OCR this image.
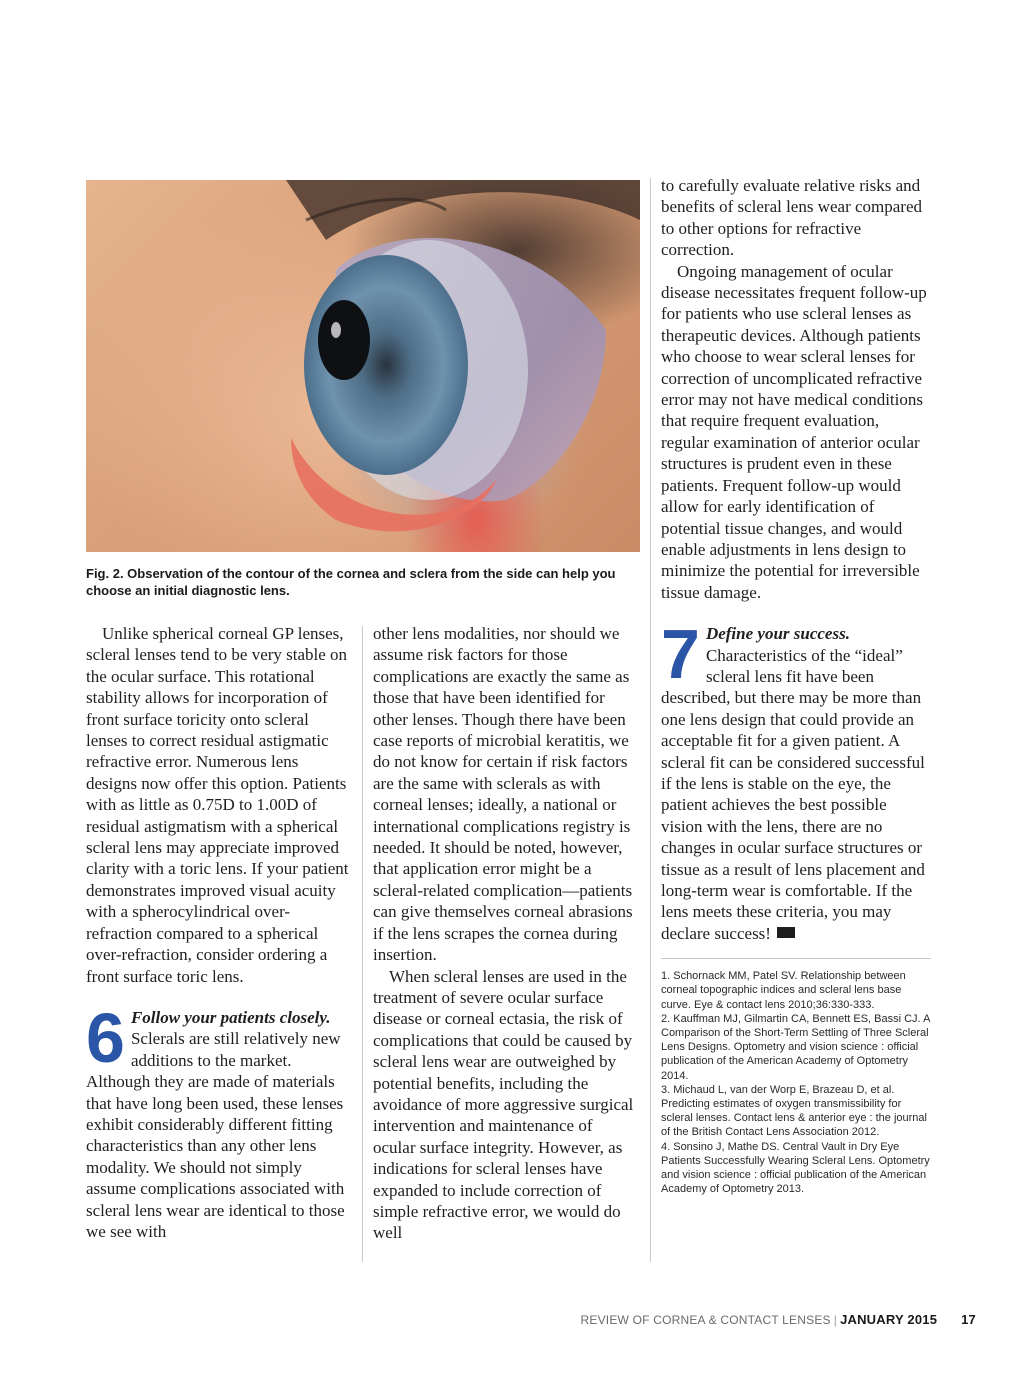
Fig. 2. Observation of the contour of the cornea and sclera from the side can help you choose an initial diagnostic lens.

Unlike spherical corneal GP lenses, scleral lenses tend to be very stable on the ocular surface. This rotational stability allows for incorporation of front surface toricity onto scleral lenses to correct residual astigmatic refractive error. Numerous lens designs now offer this option. Patients with as little as 0.75D to 1.00D of residual astigmatism with a spherical scleral lens may appreciate improved clarity with a toric lens. If your patient demonstrates improved visual acuity with a spherocylindrical over-refraction compared to a spherical over-refraction, consider ordering a front surface toric lens.

6 Follow your patients closely. Sclerals are still relatively new additions to the market. Although they are made of materials that have long been used, these lenses exhibit considerably different fitting characteristics than any other lens modality. We should not simply assume complications associated with scleral lens wear are identical to those we see with

other lens modalities, nor should we assume risk factors for those complications are exactly the same as those that have been identified for other lenses. Though there have been case reports of microbial keratitis, we do not know for certain if risk factors are the same with sclerals as with corneal lenses; ideally, a national or international complications registry is needed. It should be noted, however, that application error might be a scleral-related complication—patients can give themselves corneal abrasions if the lens scrapes the cornea during insertion.

When scleral lenses are used in the treatment of severe ocular surface disease or corneal ectasia, the risk of complications that could be caused by scleral lens wear are outweighed by potential benefits, including the avoidance of more aggressive surgical intervention and maintenance of ocular surface integrity. However, as indications for scleral lenses have expanded to include correction of simple refractive error, we would do well

to carefully evaluate relative risks and benefits of scleral lens wear compared to other options for refractive correction.

Ongoing management of ocular disease necessitates frequent follow-up for patients who use scleral lenses as therapeutic devices. Although patients who choose to wear scleral lenses for correction of uncomplicated refractive error may not have medical conditions that require frequent evaluation, regular examination of anterior ocular structures is prudent even in these patients. Frequent follow-up would allow for early identification of potential tissue changes, and would enable adjustments in lens design to minimize the potential for irreversible tissue damage.

7 Define your success. Characteristics of the “ideal” scleral lens fit have been described, but there may be more than one lens design that could provide an acceptable fit for a given patient. A scleral fit can be considered successful if the lens is stable on the eye, the patient achieves the best possible vision with the lens, there are no changes in ocular surface structures or tissue as a result of lens placement and long-term wear is comfortable. If the lens meets these criteria, you may declare success!

1. Schornack MM, Patel SV. Relationship between corneal topographic indices and scleral lens base curve. Eye & contact lens 2010;36:330-333.

2. Kauffman MJ, Gilmartin CA, Bennett ES, Bassi CJ. A Comparison of the Short-Term Settling of Three Scleral Lens Designs. Optometry and vision science : official publication of the American Academy of Optometry 2014.

3. Michaud L, van der Worp E, Brazeau D, et al. Predicting estimates of oxygen transmissibility for scleral lenses. Contact lens & anterior eye : the journal of the British Contact Lens Association 2012.

4. Sonsino J, Mathe DS. Central Vault in Dry Eye Patients Successfully Wearing Scleral Lens. Optometry and vision science : official publication of the American Academy of Optometry 2013.

REVIEW OF CORNEA & CONTACT LENSES | JANUARY 2015 17
